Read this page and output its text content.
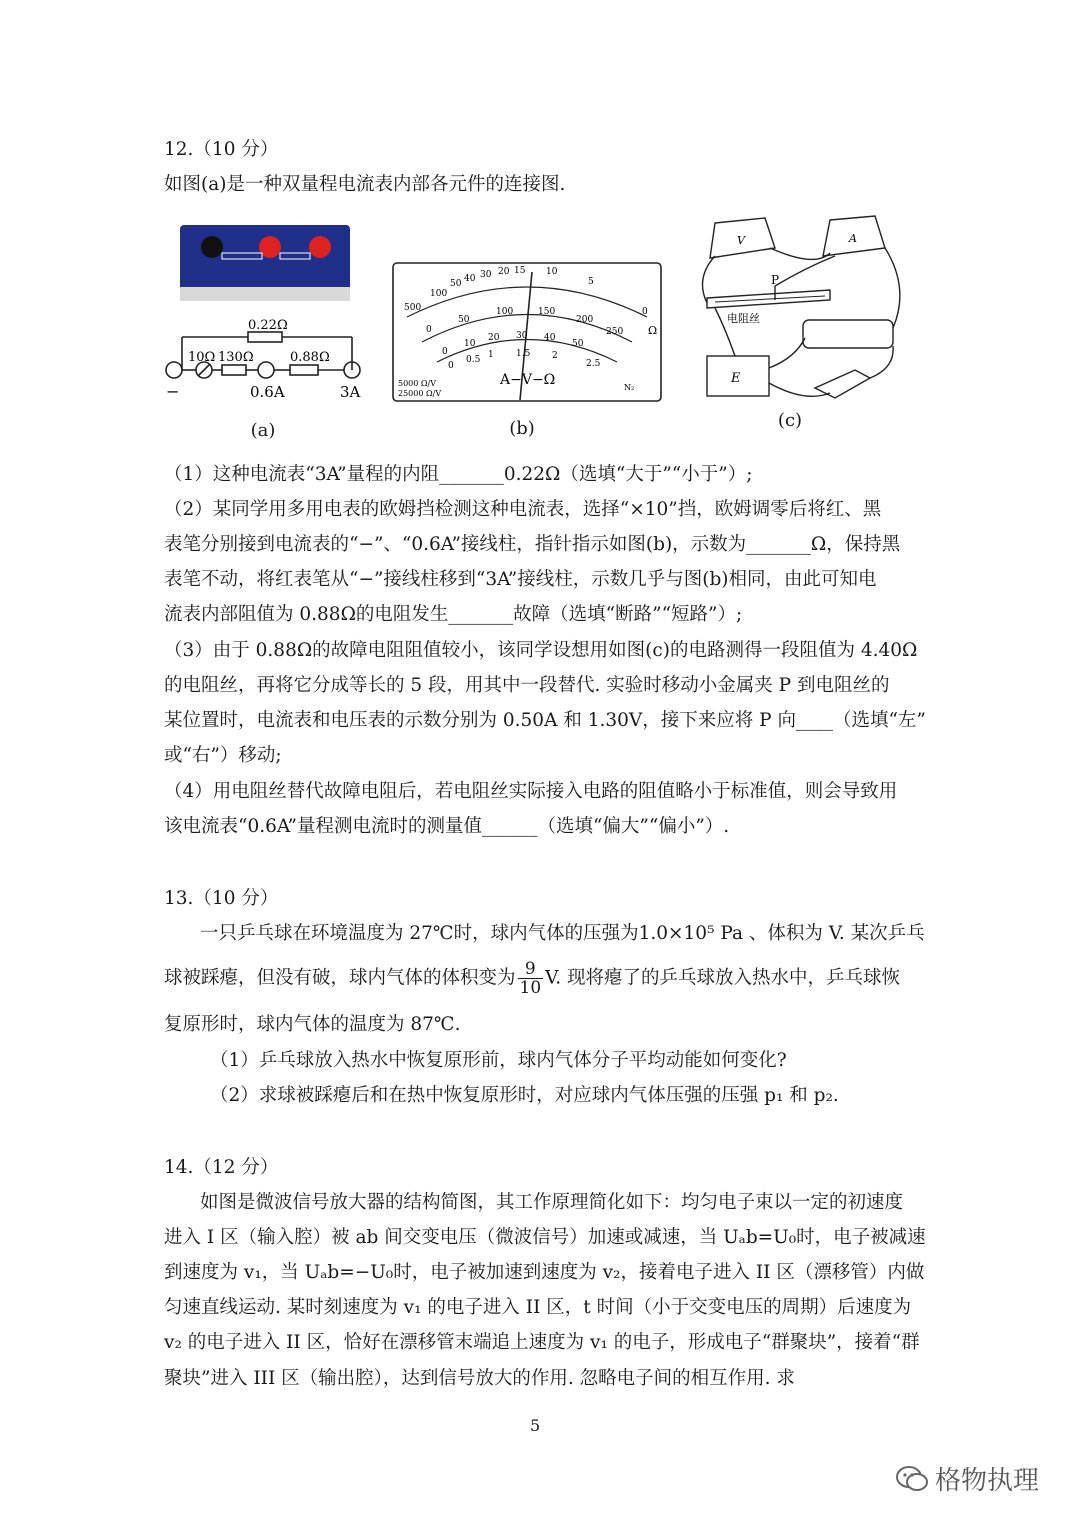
12.（10 分）
如图(a)是一种双量程电流表内部各元件的连接图.
0.22Ω
10Ω 130Ω	0.88Ω
−	0.6A	3A
(a)
500
100
50 40 30 20 15 10
5
0
Ω
0
50
100	150
200
250
0
10
20 30 40
50
0
0.5 1 1.5 2
2.5
A−V−Ω
5000 Ω/V
25000 Ω/V
N₂
(b)
V	A
P
电阻丝
E
(c)
（1）这种电流表“3A”量程的内阻_______0.22Ω（选填“大于”“小于”）;
（2）某同学用多用电表的欧姆挡检测这种电流表，选择“×10”挡，欧姆调零后将红、黑
表笔分别接到电流表的“−”、“0.6A”接线柱，指针指示如图(b)，示数为_______Ω，保持黑
表笔不动，将红表笔从“−”接线柱移到“3A”接线柱，示数几乎与图(b)相同，由此可知电
流表内部阻值为 0.88Ω的电阻发生_______故障（选填“断路”“短路”）;
（3）由于 0.88Ω的故障电阻阻值较小，该同学设想用如图(c)的电路测得一段阻值为 4.40Ω
的电阻丝，再将它分成等长的 5 段，用其中一段替代. 实验时移动小金属夹 P 到电阻丝的
某位置时，电流表和电压表的示数分别为 0.50A 和 1.30V，接下来应将 P 向____（选填“左”
或“右”）移动;
（4）用电阻丝替代故障电阻后，若电阻丝实际接入电路的阻值略小于标准值，则会导致用
该电流表“0.6A”量程测电流时的测量值______（选填“偏大”“偏小”）.
13.（10 分）
一只乒乓球在环境温度为 27℃时，球内气体的压强为1.0×10⁵ Pa 、体积为 V. 某次乒乓
球被踩瘪，但没有破，球内气体的体积变为 $\frac{9}{10} V$. 现将瘪了的乒乓球放入热水中，乒乓球恢
复原形时，球内气体的温度为 87℃.
（1）乒乓球放入热水中恢复原形前，球内气体分子平均动能如何变化?
（2）求球被踩瘪后和在热中恢复原形时，对应球内气体压强的压强 p₁ 和 p₂.
14.（12 分）
如图是微波信号放大器的结构简图，其工作原理简化如下：均匀电子束以一定的初速度
进入 I 区（输入腔）被 ab 间交变电压（微波信号）加速或减速，当 Uₐb=U₀时，电子被减速
到速度为 v₁，当 Uₐb=−U₀时，电子被加速到速度为 v₂，接着电子进入 II 区（漂移管）内做
匀速直线运动. 某时刻速度为 v₁ 的电子进入 II 区，t 时间（小于交变电压的周期）后速度为
v₂ 的电子进入 II 区，恰好在漂移管末端追上速度为 v₁ 的电子，形成电子“群聚块”，接着“群
聚块”进入 III 区（输出腔），达到信号放大的作用. 忽略电子间的相互作用. 求
5
格物执理
